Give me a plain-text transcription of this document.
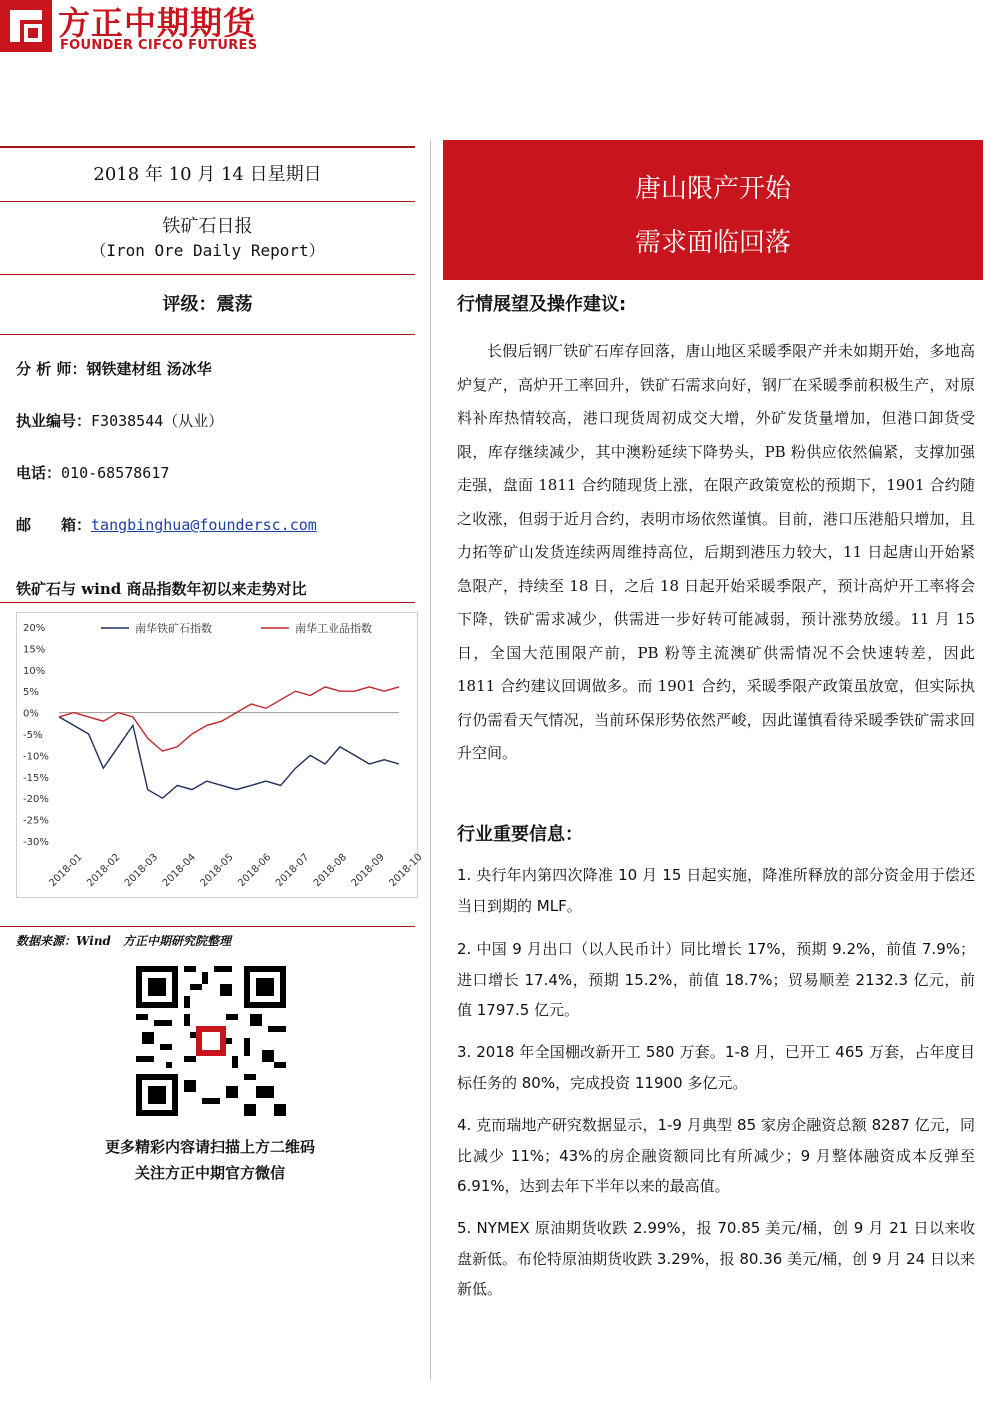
方正中期期货
FOUNDER CIFCO FUTURES
2018 年 10 月 14 日星期日
铁矿石日报
（Iron Ore Daily Report）
评级：震荡
分 析 师：钢铁建材组 汤冰华
执业编号：F3038544（从业）
电话：010-68578617
邮　　箱：tangbinghua@foundersc.com
铁矿石与 wind 商品指数年初以来走势对比
20%
15%
10%
5%
0%
-5%
-10%
-15%
-20%
-25%
-30%
2018-01 2018-02 2018-03 2018-04 2018-05 2018-06 2018-07 2018-08 2018-09 2018-10
南华铁矿石指数	南华工业品指数
数据来源：Wind　方正中期研究院整理
更多精彩内容请扫描上方二维码
关注方正中期官方微信
唐山限产开始
需求面临回落
行情展望及操作建议:
长假后钢厂铁矿石库存回落，唐山地区采暖季限产并未如期开始，多地高炉复产，高炉开工率回升，铁矿石需求向好，钢厂在采暖季前积极生产，对原料补库热情较高，港口现货周初成交大增，外矿发货量增加，但港口卸货受限，库存继续减少，其中澳粉延续下降势头，PB 粉供应依然偏紧，支撑加强走强，盘面 1811 合约随现货上涨，在限产政策宽松的预期下，1901 合约随之收涨，但弱于近月合约，表明市场依然谨慎。目前，港口压港船只增加，且力拓等矿山发货连续两周维持高位，后期到港压力较大，11 日起唐山开始紧急限产，持续至 18 日，之后 18 日起开始采暖季限产，预计高炉开工率将会下降，铁矿需求减少，供需进一步好转可能减弱，预计涨势放缓。11 月 15 日，全国大范围限产前，PB 粉等主流澳矿供需情况不会快速转差，因此 1811 合约建议回调做多。而 1901 合约，采暖季限产政策虽放宽，但实际执行仍需看天气情况，当前环保形势依然严峻，因此谨慎看待采暖季铁矿需求回升空间。
行业重要信息：
1. 央行年内第四次降准 10 月 15 日起实施，降准所释放的部分资金用于偿还当日到期的 MLF。
2. 中国 9 月出口（以人民币计）同比增长 17%，预期 9.2%，前值 7.9%；进口增长 17.4%，预期 15.2%，前值 18.7%；贸易顺差 2132.3 亿元，前值 1797.5 亿元。
3. 2018 年全国棚改新开工 580 万套。1-8 月，已开工 465 万套，占年度目标任务的 80%，完成投资 11900 多亿元。
4. 克而瑞地产研究数据显示，1-9 月典型 85 家房企融资总额 8287 亿元，同比减少 11%；43%的房企融资额同比有所减少；9 月整体融资成本反弹至 6.91%，达到去年下半年以来的最高值。
5. NYMEX 原油期货收跌 2.99%，报 70.85 美元/桶，创 9 月 21 日以来收盘新低。布伦特原油期货收跌 3.29%，报 80.36 美元/桶，创 9 月 24 日以来新低。
